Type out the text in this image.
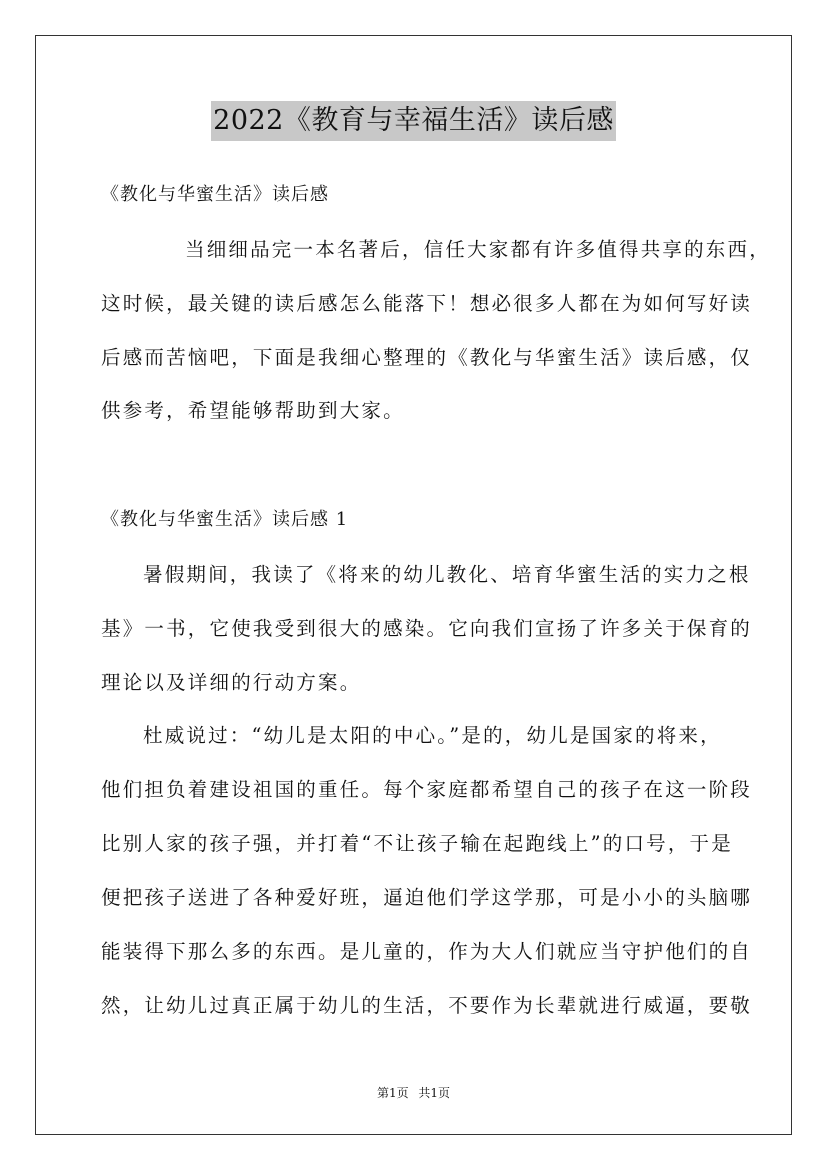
2022《教育与幸福生活》读后感
《教化与华蜜生活》读后感
当细细品完一本名著后，信任大家都有许多值得共享的东西，
这时候，最关键的读后感怎么能落下！想必很多人都在为如何写好读
后感而苦恼吧，下面是我细心整理的《教化与华蜜生活》读后感，仅
供参考，希望能够帮助到大家。
《教化与华蜜生活》读后感 1
暑假期间，我读了《将来的幼儿教化、培育华蜜生活的实力之根
基》一书，它使我受到很大的感染。它向我们宣扬了许多关于保育的
理论以及详细的行动方案。
杜威说过：“幼儿是太阳的中心。”是的，幼儿是国家的将来，
他们担负着建设祖国的重任。每个家庭都希望自己的孩子在这一阶段
比别人家的孩子强，并打着“不让孩子输在起跑线上”的口号，于是
便把孩子送进了各种爱好班，逼迫他们学这学那，可是小小的头脑哪
能装得下那么多的东西。是儿童的，作为大人们就应当守护他们的自
然，让幼儿过真正属于幼儿的生活，不要作为长辈就进行威逼，要敬
第1页 共1页
